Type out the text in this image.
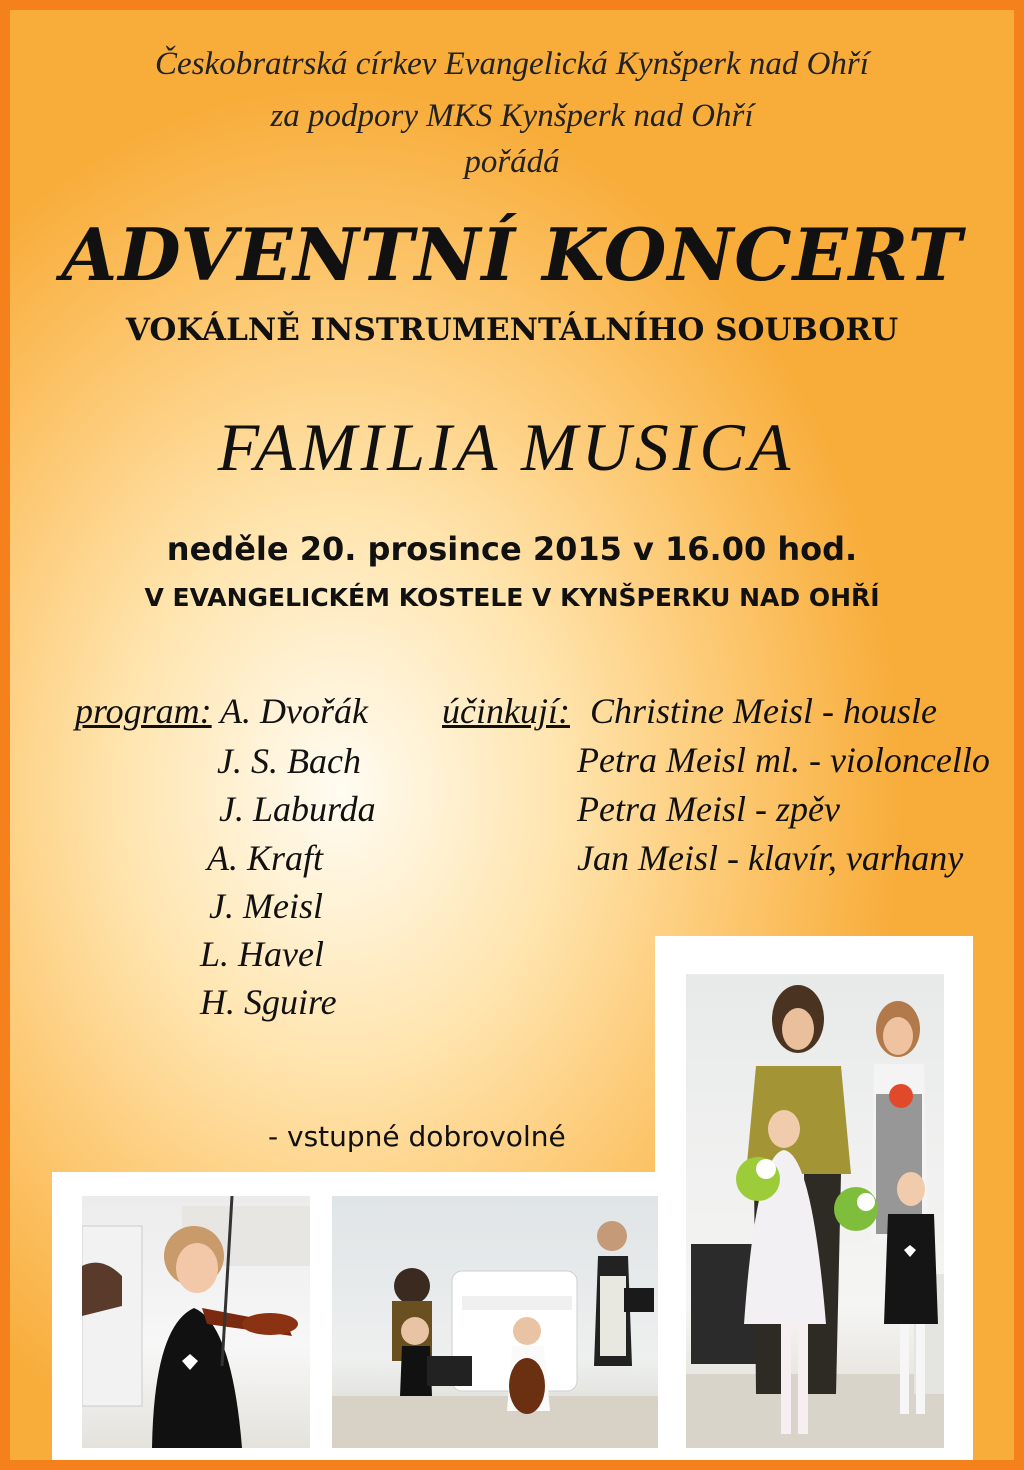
Českobratrská církev Evangelická Kynšperk nad Ohří
za podpory MKS Kynšperk nad Ohří
pořádá
ADVENTNÍ KONCERT
VOKÁLNĚ INSTRUMENTÁLNÍHO SOUBORU
FAMILIA MUSICA
neděle 20. prosince 2015 v 16.00 hod.
V EVANGELICKÉM KOSTELE V KYNŠPERKU NAD OHŘÍ
program: A. Dvořák
J. S. Bach
J. Laburda
A. Kraft
J. Meisl
L. Havel
H. Sguire
účinkují: Christine Meisl - housle
Petra Meisl ml. - violoncello
Petra Meisl - zpěv
Jan Meisl - klavír, varhany
- vstupné dobrovolné
